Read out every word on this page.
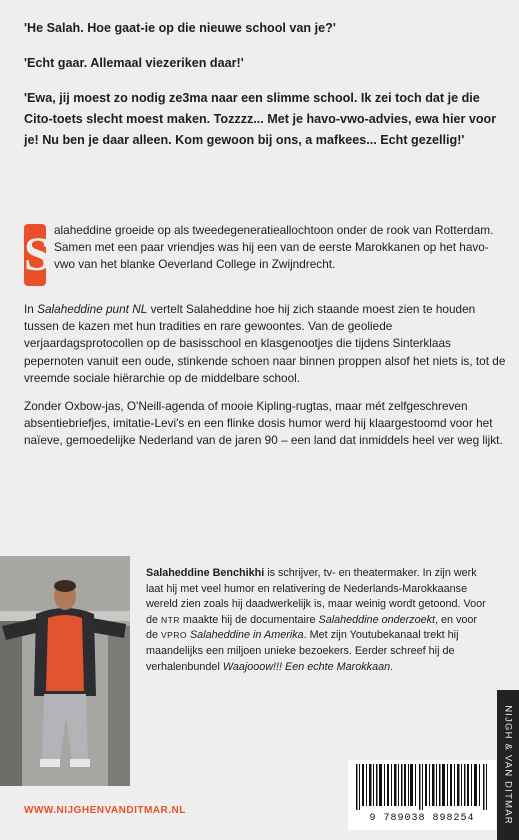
'He Salah. Hoe gaat-ie op die nieuwe school van je?'

'Echt gaar. Allemaal viezeriken daar!'

'Ewa, jij moest zo nodig ze3ma naar een slimme school. Ik zei toch dat je die Cito-toets slecht moest maken. Tozzzz... Met je havo-vwo-advies, ewa hier voor je! Nu ben je daar alleen. Kom gewoon bij ons, a mafkees... Echt gezellig!'

S alaheddine groeide op als tweedegeneratieallochtoon onder de rook van Rotterdam. Samen met een paar vriendjes was hij een van de eerste Marokkanen op het havo-vwo van het blanke Oeverland College in Zwijndrecht.

In Salaheddine punt NL vertelt Salaheddine hoe hij zich staande moest zien te houden tussen de kazen met hun tradities en rare gewoontes. Van de geoliede verjaardagsprotocollen op de basisschool en klasgenootjes die tijdens Sinterklaas pepernoten vanuit een oude, stinkende schoen naar binnen proppen alsof het niets is, tot de vreemde sociale hiërarchie op de middelbare school.

Zonder Oxbow-jas, O'Neill-agenda of mooie Kipling-rugtas, maar mét zelfgeschreven absentiebriefjes, imitatie-Levi's en een flinke dosis humor werd hij klaargestoomd voor het naïeve, gemoedelijke Nederland van de jaren 90 – een land dat inmiddels heel ver weg lijkt.

Salaheddine Benchikhi is schrijver, tv- en theatermaker. In zijn werk laat hij met veel humor en relativering de Nederlands-Marokkaanse wereld zien zoals hij daadwerkelijk is, maar weinig wordt getoond. Voor de NTR maakte hij de documentaire Salaheddine onderzoekt, en voor de VPRO Salaheddine in Amerika. Met zijn Youtubekanaal trekt hij maandelijks een miljoen unieke bezoekers. Eerder schreef hij de verhalenbundel Waajooow!!! Een echte Marokkaan.
WWW.NIJGHENVANDITMAR.NL	NIJGH & VAN DITMAR
9 789038 898254
